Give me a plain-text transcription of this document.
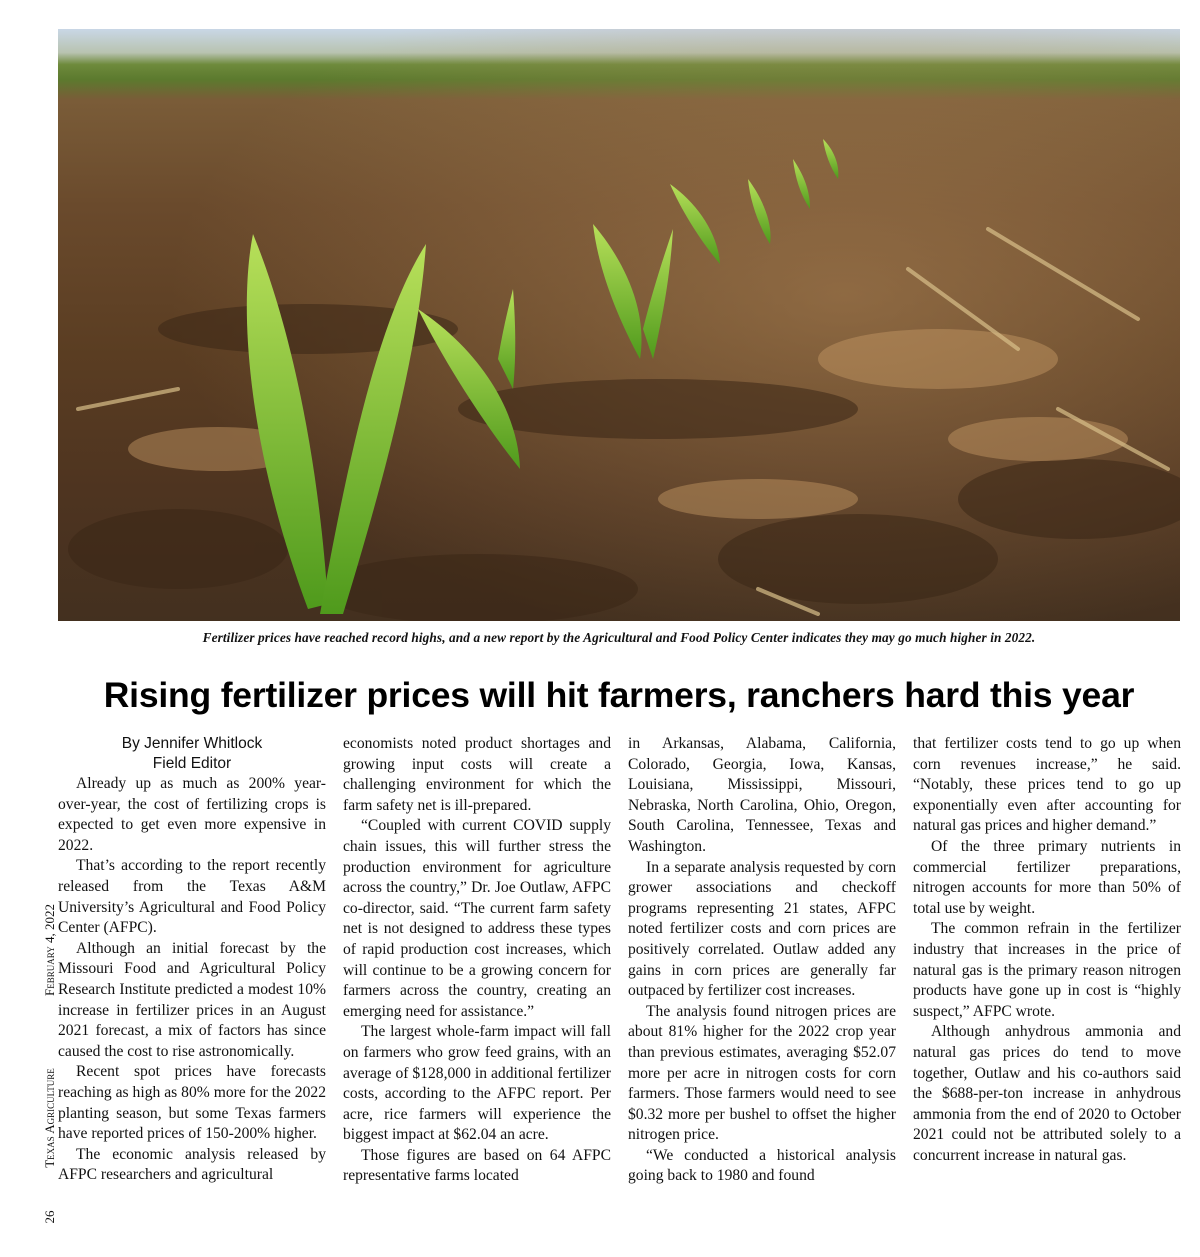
Fertilizer prices have reached record highs, and a new report by the Agricultural and Food Policy Center indicates they may go much higher in 2022.
Rising fertilizer prices will hit farmers, ranchers hard this year
February 4, 2022
Texas Agriculture
26
By Jennifer Whitlock
Field Editor

Already up as much as 200% year-over-year, the cost of fertilizing crops is expected to get even more expensive in 2022.

That’s according to the report recently released from the Texas A&M University’s Agricultural and Food Policy Center (AFPC).

Although an initial forecast by the Missouri Food and Agricultural Policy Research Institute predicted a modest 10% increase in fertilizer prices in an August 2021 forecast, a mix of factors has since caused the cost to rise astronomically.

Recent spot prices have forecasts reaching as high as 80% more for the 2022 planting season, but some Texas farmers have reported prices of 150-200% higher.

The economic analysis released by AFPC researchers and agricultural

economists noted product shortages and growing input costs will create a challenging environment for which the farm safety net is ill-prepared.

“Coupled with current COVID supply chain issues, this will further stress the production environment for agriculture across the country,” Dr. Joe Outlaw, AFPC co-director, said. “The current farm safety net is not designed to address these types of rapid production cost increases, which will continue to be a growing concern for farmers across the country, creating an emerging need for assistance.”

The largest whole-farm impact will fall on farmers who grow feed grains, with an average of $128,000 in additional fertilizer costs, according to the AFPC report. Per acre, rice farmers will experience the biggest impact at $62.04 an acre.

Those figures are based on 64 AFPC representative farms located

in Arkansas, Alabama, California, Colorado, Georgia, Iowa, Kansas, Louisiana, Mississippi, Missouri, Nebraska, North Carolina, Ohio, Oregon, South Carolina, Tennessee, Texas and Washington.

In a separate analysis requested by corn grower associations and checkoff programs representing 21 states, AFPC noted fertilizer costs and corn prices are positively correlated. Outlaw added any gains in corn prices are generally far outpaced by fertilizer cost increases.

The analysis found nitrogen prices are about 81% higher for the 2022 crop year than previous estimates, averaging $52.07 more per acre in nitrogen costs for corn farmers. Those farmers would need to see $0.32 more per bushel to offset the higher nitrogen price.

“We conducted a historical analysis going back to 1980 and found

that fertilizer costs tend to go up when corn revenues increase,” he said. “Notably, these prices tend to go up exponentially even after accounting for natural gas prices and higher demand.”

Of the three primary nutrients in commercial fertilizer preparations, nitrogen accounts for more than 50% of total use by weight.

The common refrain in the fertilizer industry that increases in the price of natural gas is the primary reason nitrogen products have gone up in cost is “highly suspect,” AFPC wrote.

Although anhydrous ammonia and natural gas prices do tend to move together, Outlaw and his co-authors said the $688-per-ton increase in anhydrous ammonia from the end of 2020 to October 2021 could not be attributed solely to a concurrent increase in natural gas.
